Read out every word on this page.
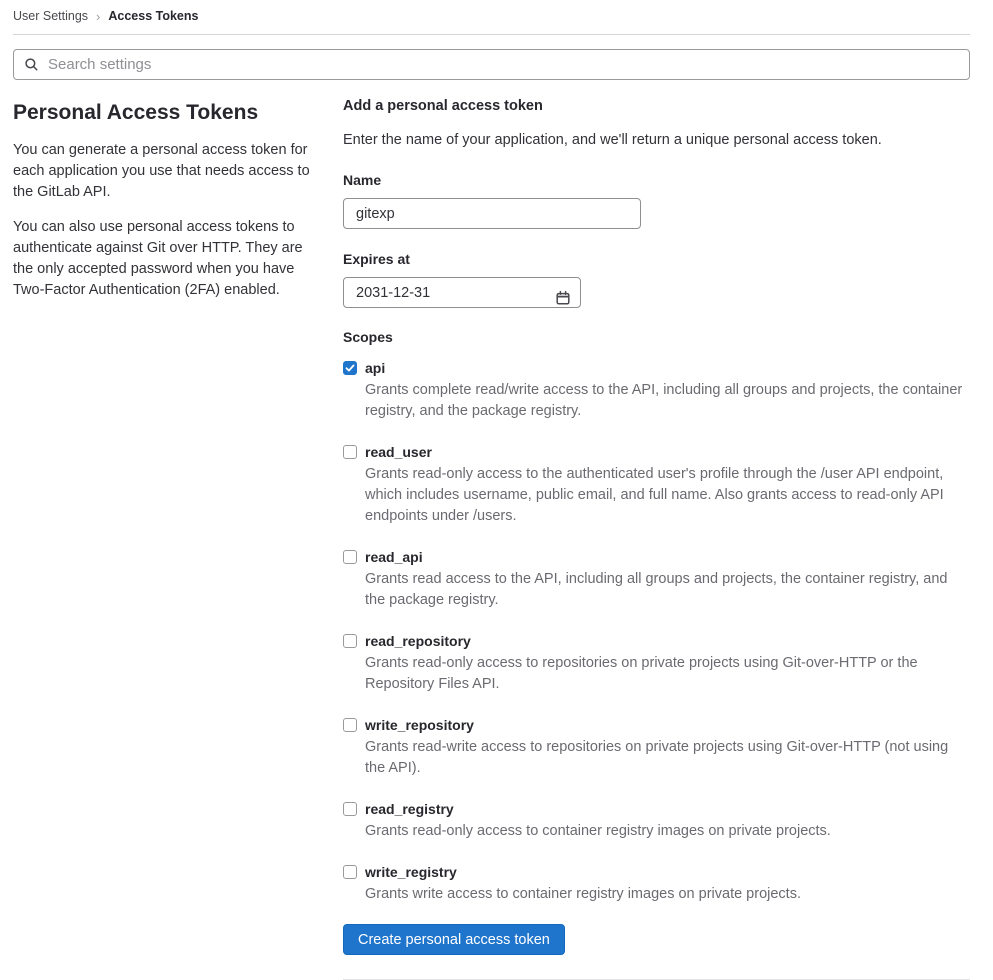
User Settings › Access Tokens
Search settings
Personal Access Tokens

You can generate a personal access token for each application you use that needs access to the GitLab API.

You can also use personal access tokens to authenticate against Git over HTTP. They are the only accepted password when you have Two-Factor Authentication (2FA) enabled.

Add a personal access token

Enter the name of your application, and we'll return a unique personal access token.

Name
gitexp
Expires at
2031-12-31
Scopes
api

Grants complete read/write access to the API, including all groups and projects, the container registry, and the package registry.

read_user

Grants read-only access to the authenticated user's profile through the /user API endpoint, which includes username, public email, and full name. Also grants access to read-only API endpoints under /users.

read_api

Grants read access to the API, including all groups and projects, the container registry, and the package registry.

read_repository

Grants read-only access to repositories on private projects using Git-over-HTTP or the Repository Files API.

write_repository

Grants read-write access to repositories on private projects using Git-over-HTTP (not using the API).

read_registry

Grants read-only access to container registry images on private projects.

write_registry

Grants write access to container registry images on private projects.

Create personal access token
